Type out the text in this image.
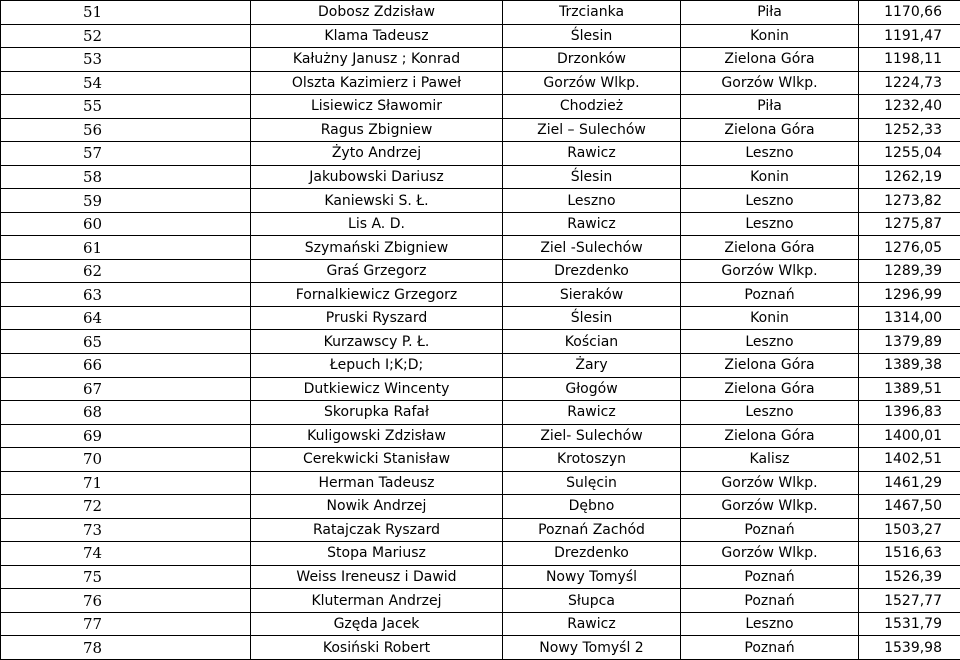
51	Dobosz Zdzisław	Trzcianka	Piła	1170,66
52	Klama Tadeusz	Ślesin	Konin	1191,47
53	Kałużny Janusz ; Konrad	Drzonków	Zielona Góra	1198,11
54	Olszta Kazimierz i Paweł	Gorzów Wlkp.	Gorzów Wlkp.	1224,73
55	Lisiewicz Sławomir	Chodzież	Piła	1232,40
56	Ragus Zbigniew	Ziel – Sulechów	Zielona Góra	1252,33
57	Żyto Andrzej	Rawicz	Leszno	1255,04
58	Jakubowski Dariusz	Ślesin	Konin	1262,19
59	Kaniewski S. Ł.	Leszno	Leszno	1273,82
60	Lis A. D.	Rawicz	Leszno	1275,87
61	Szymański Zbigniew	Ziel -Sulechów	Zielona Góra	1276,05
62	Graś Grzegorz	Drezdenko	Gorzów Wlkp.	1289,39
63	Fornalkiewicz Grzegorz	Sieraków	Poznań	1296,99
64	Pruski Ryszard	Ślesin	Konin	1314,00
65	Kurzawscy P. Ł.	Kościan	Leszno	1379,89
66	Łepuch I;K;D;	Żary	Zielona Góra	1389,38
67	Dutkiewicz Wincenty	Głogów	Zielona Góra	1389,51
68	Skorupka Rafał	Rawicz	Leszno	1396,83
69	Kuligowski Zdzisław	Ziel- Sulechów	Zielona Góra	1400,01
70	Cerekwicki Stanisław	Krotoszyn	Kalisz	1402,51
71	Herman Tadeusz	Sulęcin	Gorzów Wlkp.	1461,29
72	Nowik Andrzej	Dębno	Gorzów Wlkp.	1467,50
73	Ratajczak Ryszard	Poznań Zachód	Poznań	1503,27
74	Stopa Mariusz	Drezdenko	Gorzów Wlkp.	1516,63
75	Weiss Ireneusz i Dawid	Nowy Tomyśl	Poznań	1526,39
76	Kluterman Andrzej	Słupca	Poznań	1527,77
77	Gzęda Jacek	Rawicz	Leszno	1531,79
78	Kosiński Robert	Nowy Tomyśl 2	Poznań	1539,98
